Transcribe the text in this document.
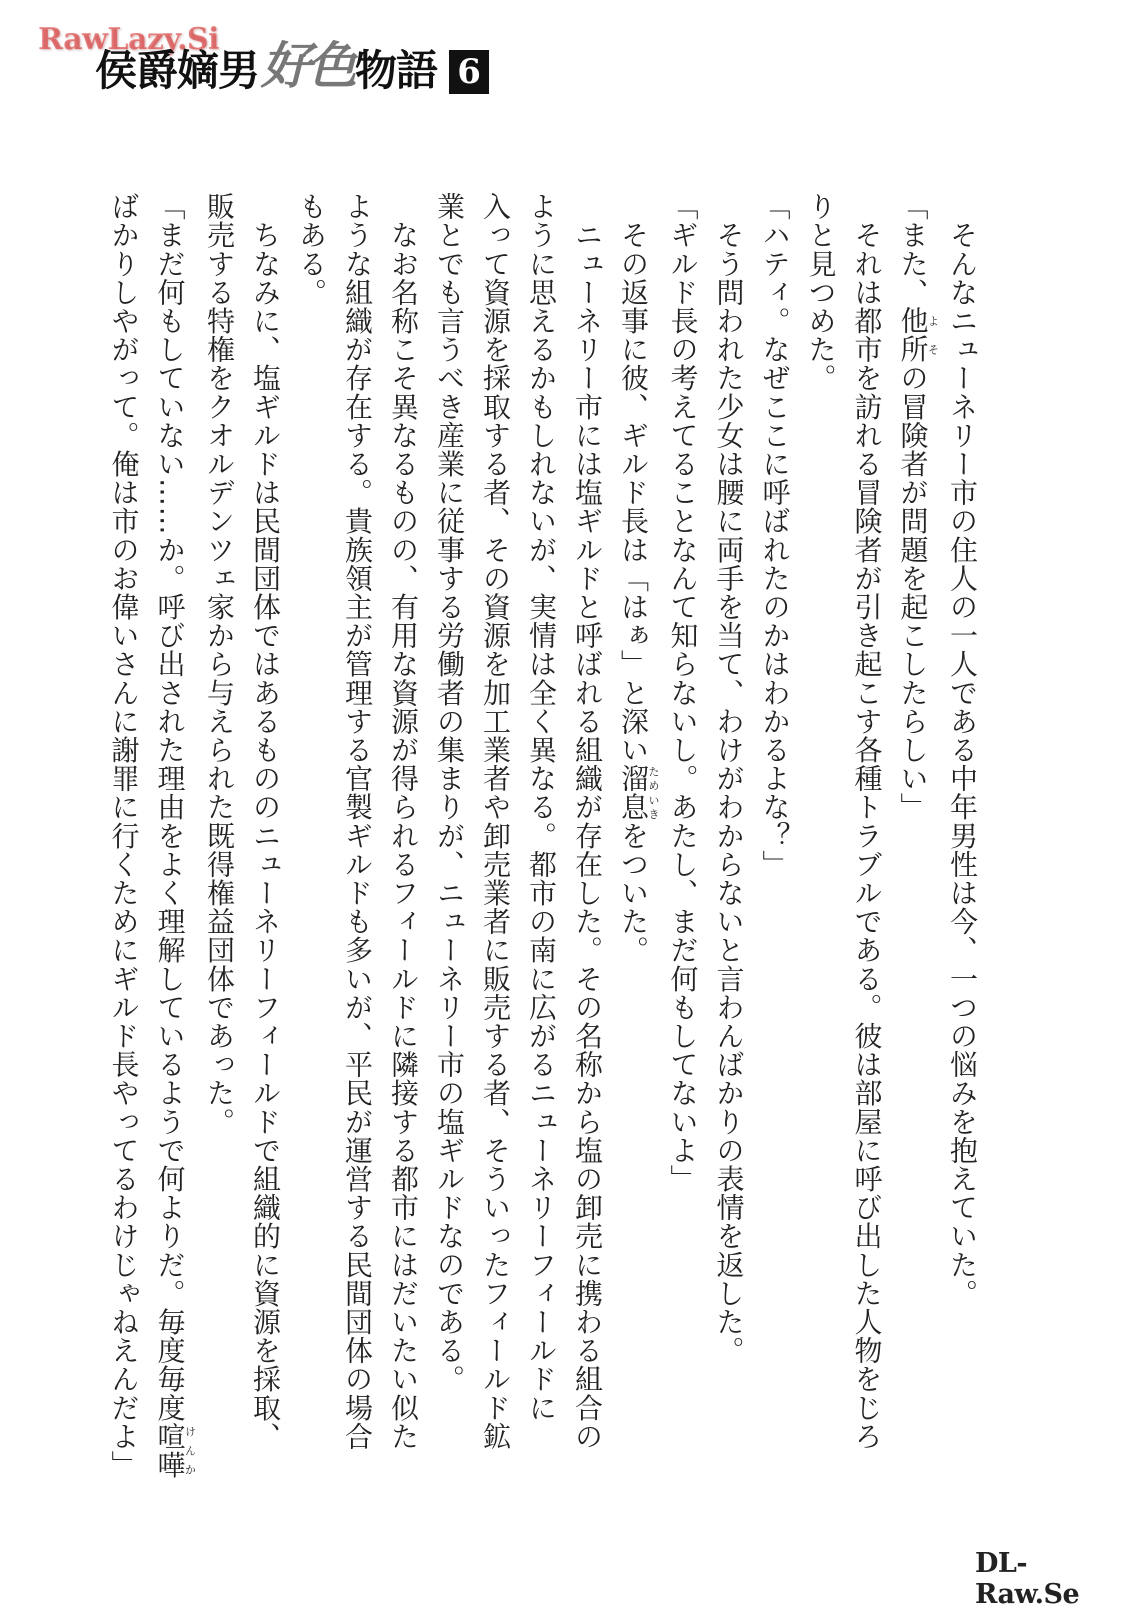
RawLazy.Si
侯爵嫡男 好色 物語 6
　そんなニューネリー市の住人の一人である中年男性は今、一つの悩みを抱えていた。
「また、他所よその冒険者が問題を起こしたらしい」
　それは都市を訪れる冒険者が引き起こす各種トラブルである。彼は部屋に呼び出した人物をじろ
りと見つめた。
「ハティ。なぜここに呼ばれたのかはわかるよな？」
　そう問われた少女は腰に両手を当て、わけがわからないと言わんばかりの表情を返した。
「ギルド長の考えてることなんて知らないし。あたし、まだ何もしてないよ」
　その返事に彼、ギルド長は「はぁ」と深い溜息ためいきをついた。
　ニューネリー市には塩ギルドと呼ばれる組織が存在した。その名称から塩の卸売に携わる組合の
ように思えるかもしれないが、実情は全く異なる。都市の南に広がるニューネリーフィールドに
入って資源を採取する者、その資源を加工業者や卸売業者に販売する者、そういったフィールド鉱
業とでも言うべき産業に従事する労働者の集まりが、ニューネリー市の塩ギルドなのである。
　なお名称こそ異なるものの、有用な資源が得られるフィールドに隣接する都市にはだいたい似た
ような組織が存在する。貴族領主が管理する官製ギルドも多いが、平民が運営する民間団体の場合
もある。
　ちなみに、塩ギルドは民間団体ではあるもののニューネリーフィールドで組織的に資源を採取、
販売する特権をクオルデンツェ家から与えられた既得権益団体であった。
「まだ何もしていない……か。呼び出された理由をよく理解しているようで何よりだ。毎度毎度喧嘩けんか
ばかりしやがって。俺は市のお偉いさんに謝罪に行くためにギルド長やってるわけじゃねえんだよ」
DL-Raw.Se
